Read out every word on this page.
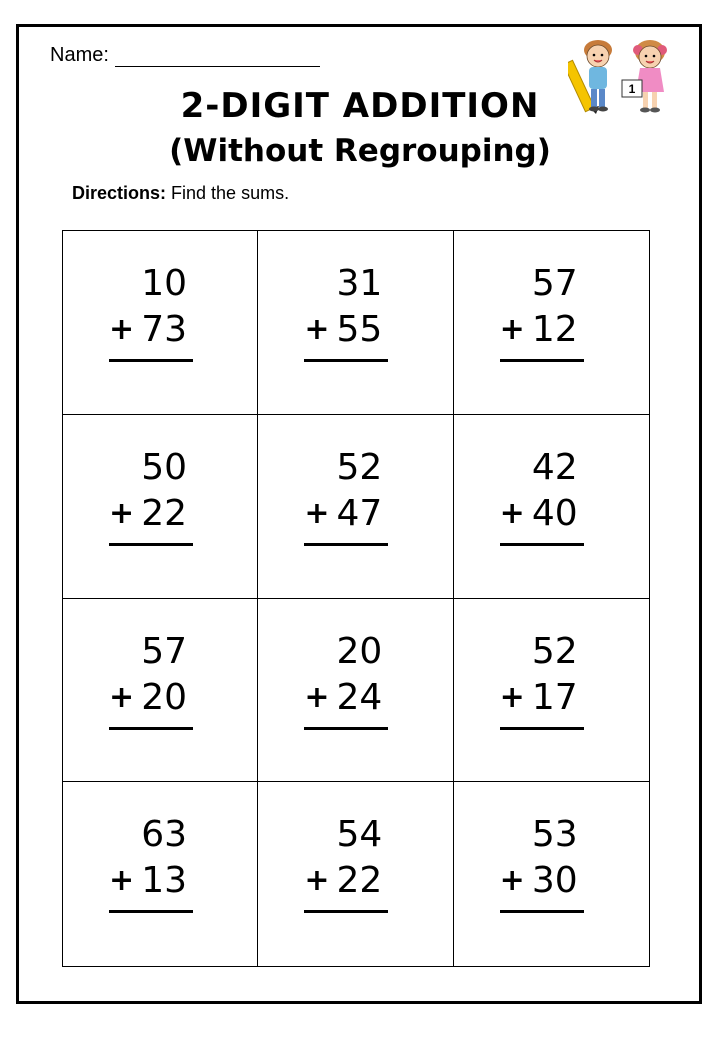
Name:
1
2-DIGIT ADDITION
(Without Regrouping)
Directions: Find the sums.
10
+ 73
31
+ 55
57
+ 12
50
+ 22
52
+ 47
42
+ 40
57
+ 20
20
+ 24
52
+ 17
63
+ 13
54
+ 22
53
+ 30
